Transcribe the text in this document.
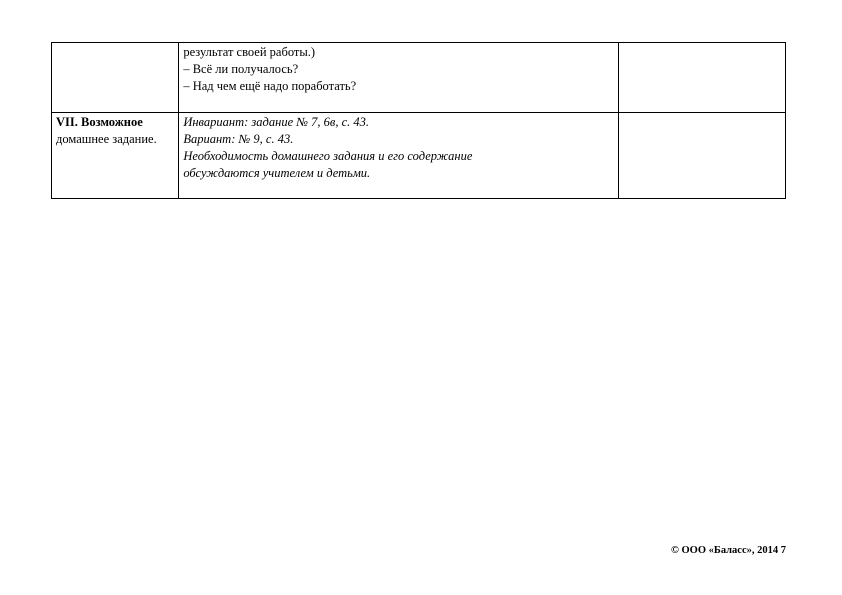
	результат своей работы.)
– Всё ли получалось?
– Над чем ещё надо поработать?	

VII. Возможное
домашнее задание.	Инвариант: задание № 7, 6в, с. 43.
Вариант: № 9, с. 43.
Необходимость домашнего задания и его содержание
обсуждаются учителем и детьми.	

© ООО «Баласс», 2014 7
